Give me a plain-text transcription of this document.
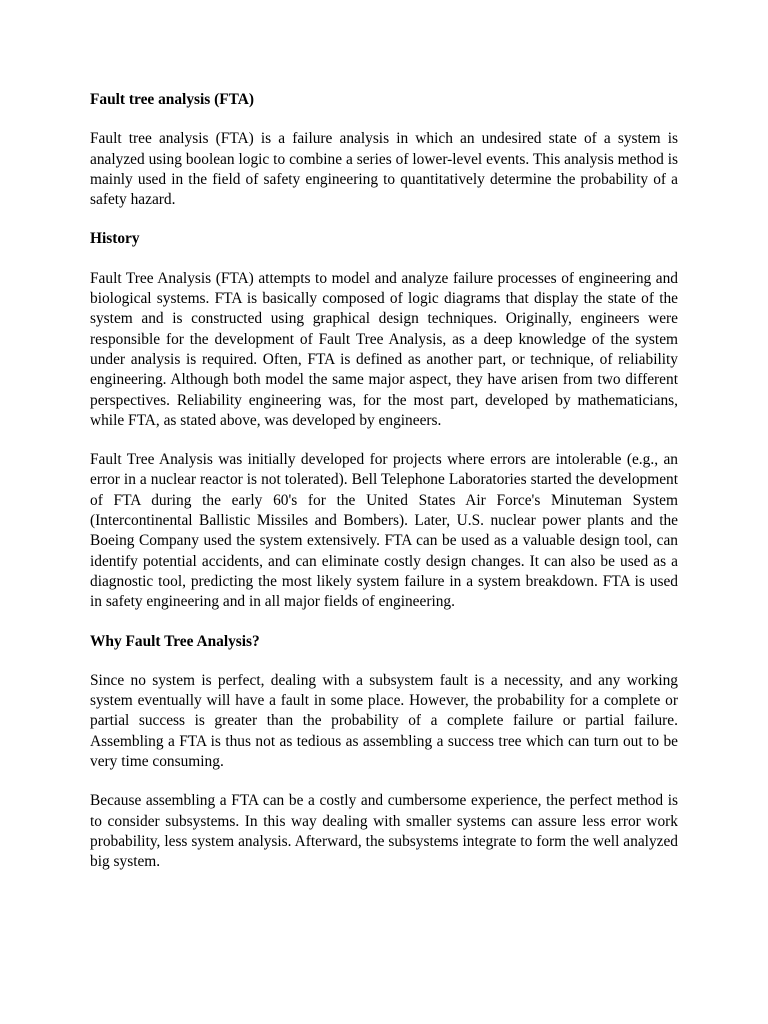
Fault tree analysis (FTA)

Fault tree analysis (FTA) is a failure analysis in which an undesired state of a system is analyzed using boolean logic to combine a series of lower-level events. This analysis method is mainly used in the field of safety engineering to quantitatively determine the probability of a safety hazard.

History

Fault Tree Analysis (FTA) attempts to model and analyze failure processes of engineering and biological systems. FTA is basically composed of logic diagrams that display the state of the system and is constructed using graphical design techniques. Originally, engineers were responsible for the development of Fault Tree Analysis, as a deep knowledge of the system under analysis is required. Often, FTA is defined as another part, or technique, of reliability engineering. Although both model the same major aspect, they have arisen from two different perspectives. Reliability engineering was, for the most part, developed by mathematicians, while FTA, as stated above, was developed by engineers.

Fault Tree Analysis was initially developed for projects where errors are intolerable (e.g., an error in a nuclear reactor is not tolerated). Bell Telephone Laboratories started the development of FTA during the early 60's for the United States Air Force's Minuteman System (Intercontinental Ballistic Missiles and Bombers). Later, U.S. nuclear power plants and the Boeing Company used the system extensively. FTA can be used as a valuable design tool, can identify potential accidents, and can eliminate costly design changes. It can also be used as a diagnostic tool, predicting the most likely system failure in a system breakdown. FTA is used in safety engineering and in all major fields of engineering.

Why Fault Tree Analysis?

Since no system is perfect, dealing with a subsystem fault is a necessity, and any working system eventually will have a fault in some place. However, the probability for a complete or partial success is greater than the probability of a complete failure or partial failure. Assembling a FTA is thus not as tedious as assembling a success tree which can turn out to be very time consuming.

Because assembling a FTA can be a costly and cumbersome experience, the perfect method is to consider subsystems. In this way dealing with smaller systems can assure less error work probability, less system analysis. Afterward, the subsystems integrate to form the well analyzed big system.
